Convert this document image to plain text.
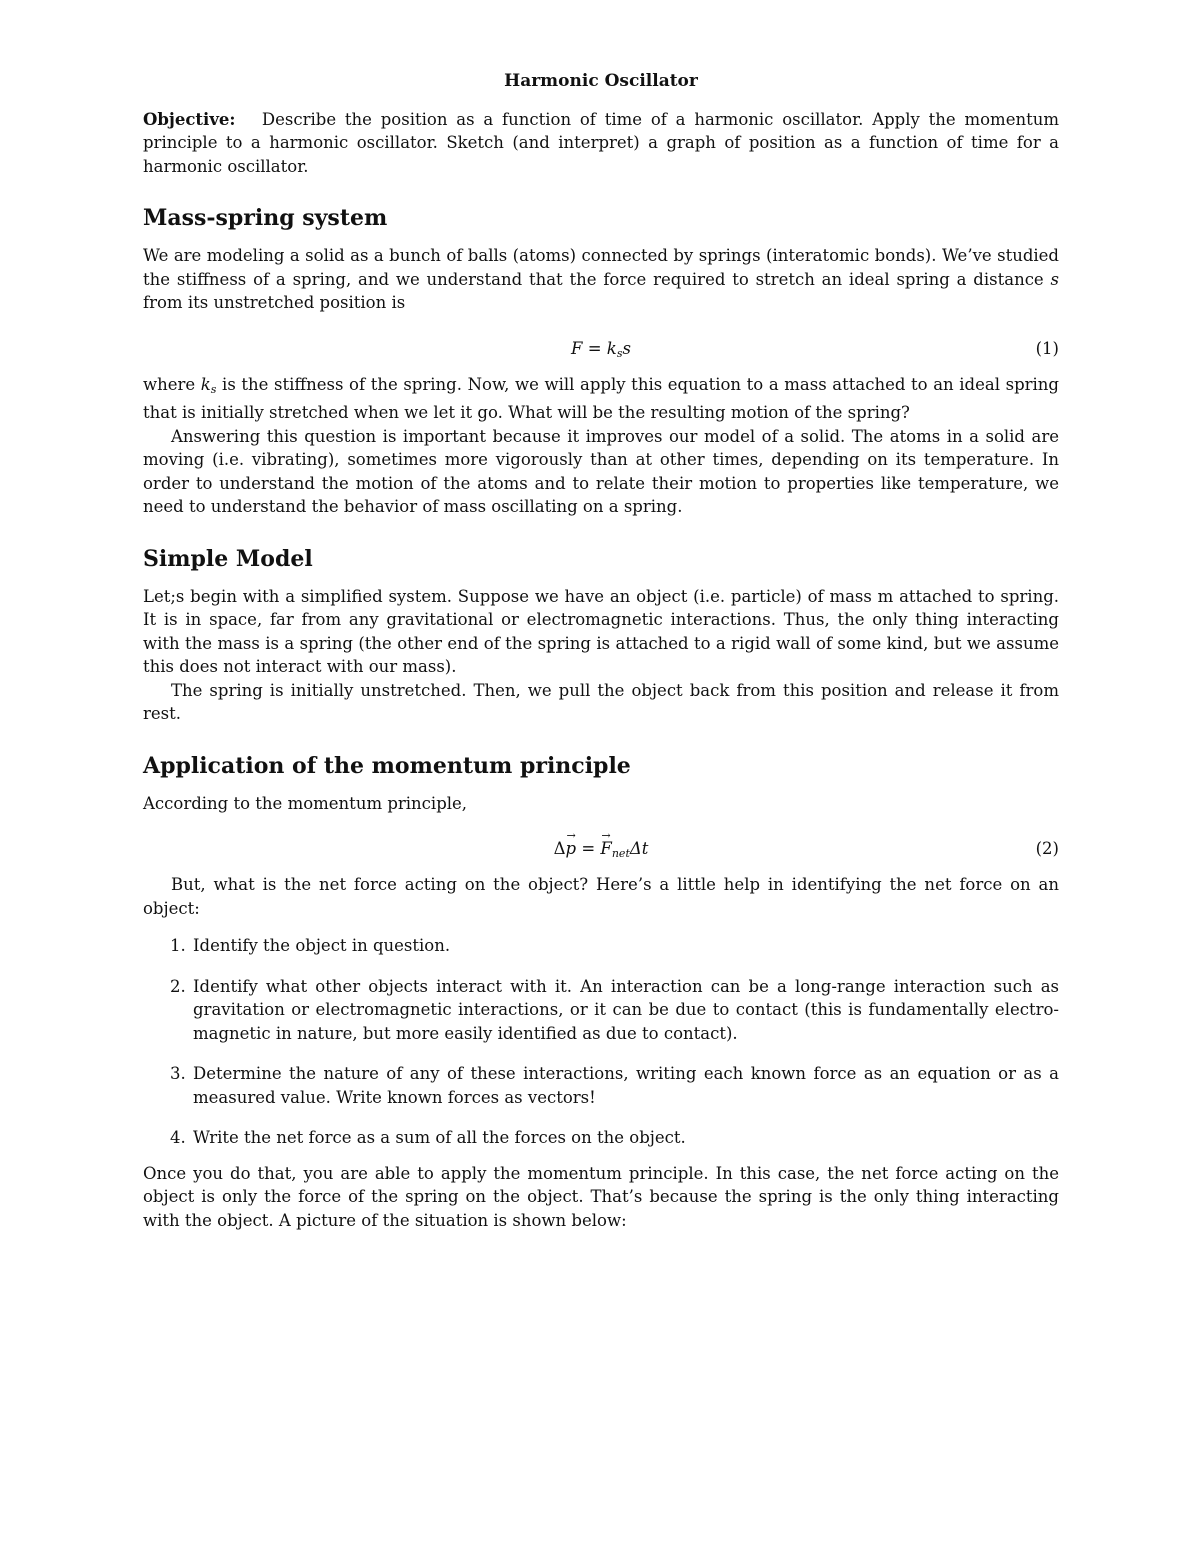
Harmonic Oscillator

Objective: Describe the position as a function of time of a harmonic oscillator. Apply the momentum principle to a harmonic oscillator. Sketch (and interpret) a graph of position as a function of time for a harmonic oscillator.

Mass-spring system

We are modeling a solid as a bunch of balls (atoms) connected by springs (interatomic bonds). We’ve studied the stiffness of a spring, and we understand that the force required to stretch an ideal spring a distance s from its unstretched position is

$F = k_ss$	(1)

where $k_s$ is the stiffness of the spring. Now, we will apply this equation to a mass attached to an ideal spring that is initially stretched when we let it go. What will be the resulting motion of the spring?

Answering this question is important because it improves our model of a solid. The atoms in a solid are moving (i.e. vibrating), sometimes more vigorously than at other times, depending on its temperature. In order to understand the motion of the atoms and to relate their motion to properties like temperature, we need to understand the behavior of mass oscillating on a spring.

Simple Model

Let;s begin with a simplified system. Suppose we have an object (i.e. particle) of mass m attached to spring. It is in space, far from any gravitational or electromagnetic interactions. Thus, the only thing interacting with the mass is a spring (the other end of the spring is attached to a rigid wall of some kind, but we assume this does not interact with our mass).

The spring is initially unstretched. Then, we pull the object back from this position and release it from rest.

Application of the momentum principle

According to the momentum principle,

Δ→ p = → $F_{net}\Delta t$	(2)

But, what is the net force acting on the object? Here’s a little help in identifying the net force on an object:

1. Identify the object in question.
2. Identify what other objects interact with it. An interaction can be a long-range interaction such as gravitation or electromagnetic interactions, or it can be due to contact (this is fundamentally electro-magnetic in nature, but more easily identified as due to contact).
3. Determine the nature of any of these interactions, writing each known force as an equation or as a measured value. Write known forces as vectors!
4. Write the net force as a sum of all the forces on the object.

Once you do that, you are able to apply the momentum principle. In this case, the net force acting on the object is only the force of the spring on the object. That’s because the spring is the only thing interacting with the object. A picture of the situation is shown below:
